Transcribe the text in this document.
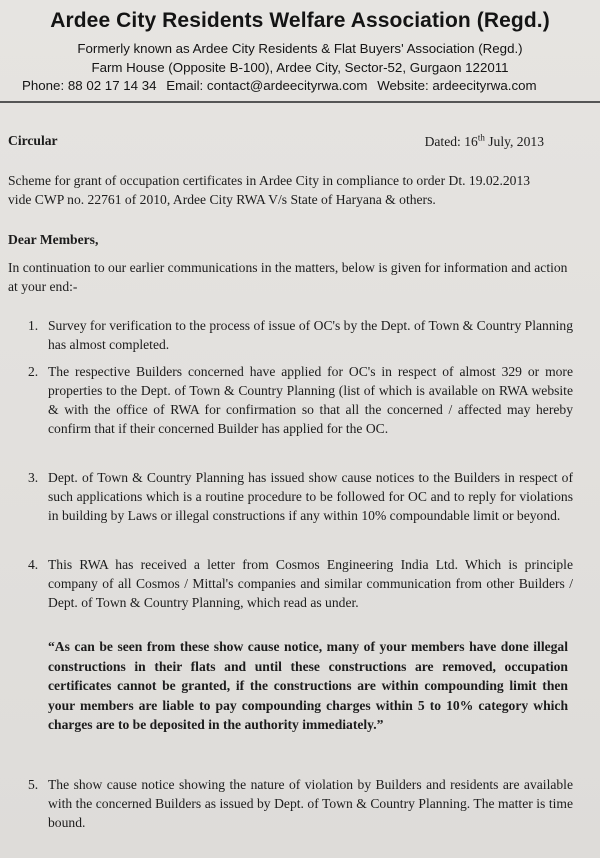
Ardee City Residents Welfare Association (Regd.)
Formerly known as Ardee City Residents & Flat Buyers' Association (Regd.)
Farm House (Opposite B-100), Ardee City, Sector-52, Gurgaon 122011
Phone: 88 02 17 14 34 Email: contact@ardeecityrwa.com Website: ardeecityrwa.com
Circular	Dated: 16th July, 2013
Scheme for grant of occupation certificates in Ardee City in compliance to order Dt. 19.02.2013 vide CWP no. 22761 of 2010, Ardee City RWA V/s State of Haryana & others.
Dear Members,
In continuation to our earlier communications in the matters, below is given for information and action at your end:-
1. Survey for verification to the process of issue of OC's by the Dept. of Town & Country Planning has almost completed.
2. The respective Builders concerned have applied for OC's in respect of almost 329 or more properties to the Dept. of Town & Country Planning (list of which is available on RWA website & with the office of RWA for confirmation so that all the concerned / affected may hereby confirm that if their concerned Builder has applied for the OC.
3. Dept. of Town & Country Planning has issued show cause notices to the Builders in respect of such applications which is a routine procedure to be followed for OC and to reply for violations in building by Laws or illegal constructions if any within 10% compoundable limit or beyond.
4. This RWA has received a letter from Cosmos Engineering India Ltd. Which is principle company of all Cosmos / Mittal's companies and similar communication from other Builders / Dept. of Town & Country Planning, which read as under.
“As can be seen from these show cause notice, many of your members have done illegal constructions in their flats and until these constructions are removed, occupation certificates cannot be granted, if the constructions are within compounding limit then your members are liable to pay compounding charges within 5 to 10% category which charges are to be deposited in the authority immediately.”
5. The show cause notice showing the nature of violation by Builders and residents are available with the concerned Builders as issued by Dept. of Town & Country Planning. The matter is time bound.
